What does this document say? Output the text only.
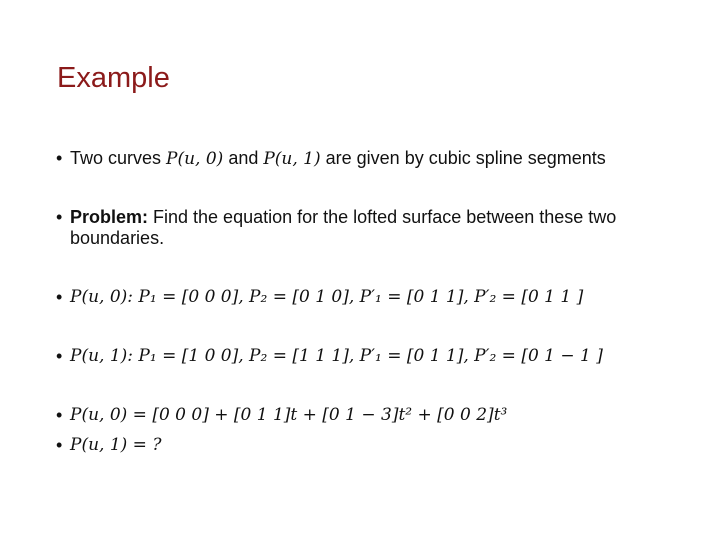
Example
• Two curves P(u, 0) and P(u, 1) are given by cubic spline segments
• Problem: Find the equation for the lofted surface between these two boundaries.
• P(u, 0): P₁ = [0 0 0], P₂ = [0 1 0], P′₁ = [0 1 1], P′₂ = [0 1 1 ]
• P(u, 1): P₁ = [1 0 0], P₂ = [1 1 1], P′₁ = [0 1 1], P′₂ = [0 1 − 1 ]
• P(u, 0) = [0 0 0] + [0 1 1]t + [0 1 − 3]t² + [0 0 2]t³
• P(u, 1) = ?
